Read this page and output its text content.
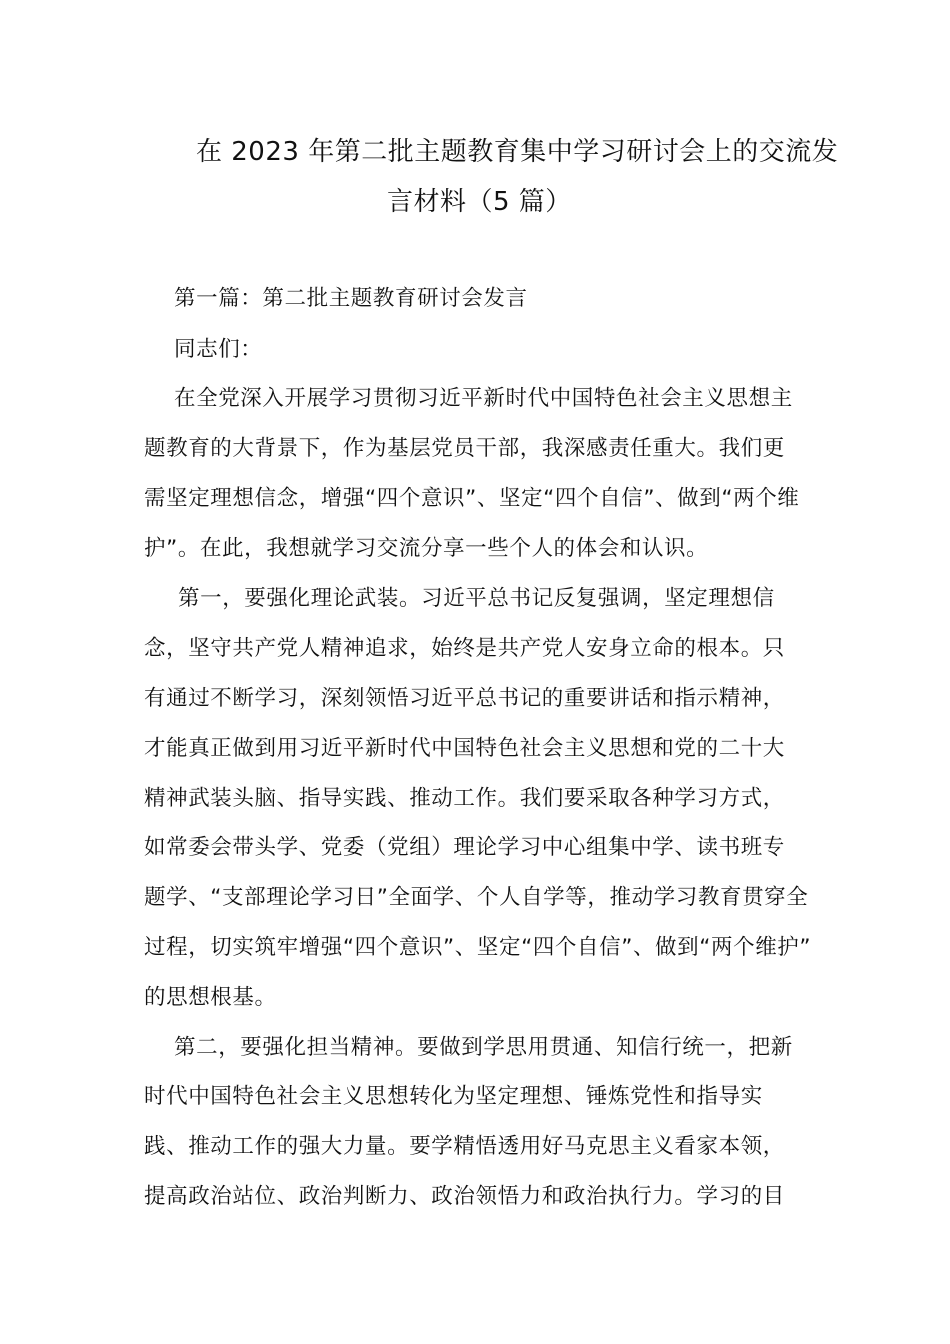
在 2023 年第二批主题教育集中学习研讨会上的交流发
言材料（5 篇）
第一篇：第二批主题教育研讨会发言
同志们：
在全党深入开展学习贯彻习近平新时代中国特色社会主义思想主
题教育的大背景下，作为基层党员干部，我深感责任重大。我们更
需坚定理想信念，增强“四个意识”、坚定“四个自信”、做到“两个维
护”。在此，我想就学习交流分享一些个人的体会和认识。
第一，要强化理论武装。习近平总书记反复强调，坚定理想信
念，坚守共产党人精神追求，始终是共产党人安身立命的根本。只
有通过不断学习，深刻领悟习近平总书记的重要讲话和指示精神，
才能真正做到用习近平新时代中国特色社会主义思想和党的二十大
精神武装头脑、指导实践、推动工作。我们要采取各种学习方式，
如常委会带头学、党委（党组）理论学习中心组集中学、读书班专
题学、“支部理论学习日”全面学、个人自学等，推动学习教育贯穿全
过程，切实筑牢增强“四个意识”、坚定“四个自信”、做到“两个维护”
的思想根基。
第二，要强化担当精神。要做到学思用贯通、知信行统一，把新
时代中国特色社会主义思想转化为坚定理想、锤炼党性和指导实
践、推动工作的强大力量。要学精悟透用好马克思主义看家本领，
提高政治站位、政治判断力、政治领悟力和政治执行力。学习的目
